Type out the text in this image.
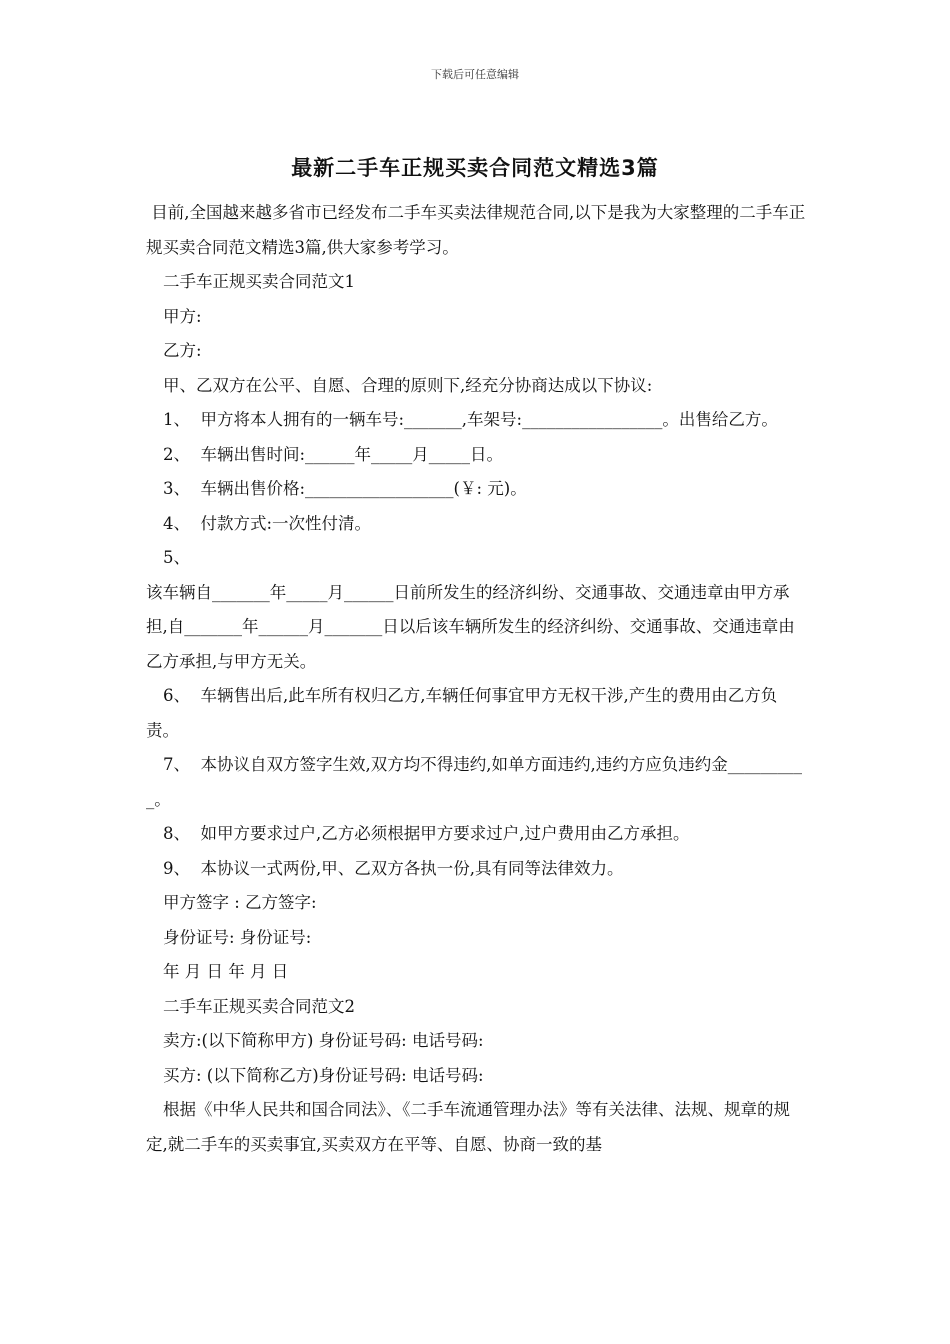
下载后可任意编辑
最新二手车正规买卖合同范文精选3篇

目前,全国越来越多省市已经发布二手车买卖法律规范合同,以下是我为大家整理的二手车正规买卖合同范文精选3篇,供大家参考学习。

二手车正规买卖合同范文1

甲方:

乙方:

甲、乙双方在公平、自愿、合理的原则下,经充分协商达成以下协议:

1、  甲方将本人拥有的一辆车号:_______,车架号:_________________。出售给乙方。

2、  车辆出售时间:______年_____月_____日。

3、  车辆出售价格:__________________(￥: 元)。

4、  付款方式:一次性付清。

5、

该车辆自_______年_____月______日前所发生的经济纠纷、交通事故、交通违章由甲方承担,自_______年______月_______日以后该车辆所发生的经济纠纷、交通事故、交通违章由乙方承担,与甲方无关。

6、  车辆售出后,此车所有权归乙方,车辆任何事宜甲方无权干涉,产生的费用由乙方负责。

7、  本协议自双方签字生效,双方均不得违约,如单方面违约,违约方应负违约金__________。

8、  如甲方要求过户,乙方必须根据甲方要求过户,过户费用由乙方承担。

9、  本协议一式两份,甲、乙双方各执一份,具有同等法律效力。

甲方签字 : 乙方签字:

身份证号: 身份证号:

年 月 日 年 月 日

二手车正规买卖合同范文2

卖方:(以下简称甲方) 身份证号码: 电话号码:

买方: (以下简称乙方)身份证号码: 电话号码:

根据《中华人民共和国合同法》、《二手车流通管理办法》等有关法律、法规、规章的规定,就二手车的买卖事宜,买卖双方在平等、自愿、协商一致的基
